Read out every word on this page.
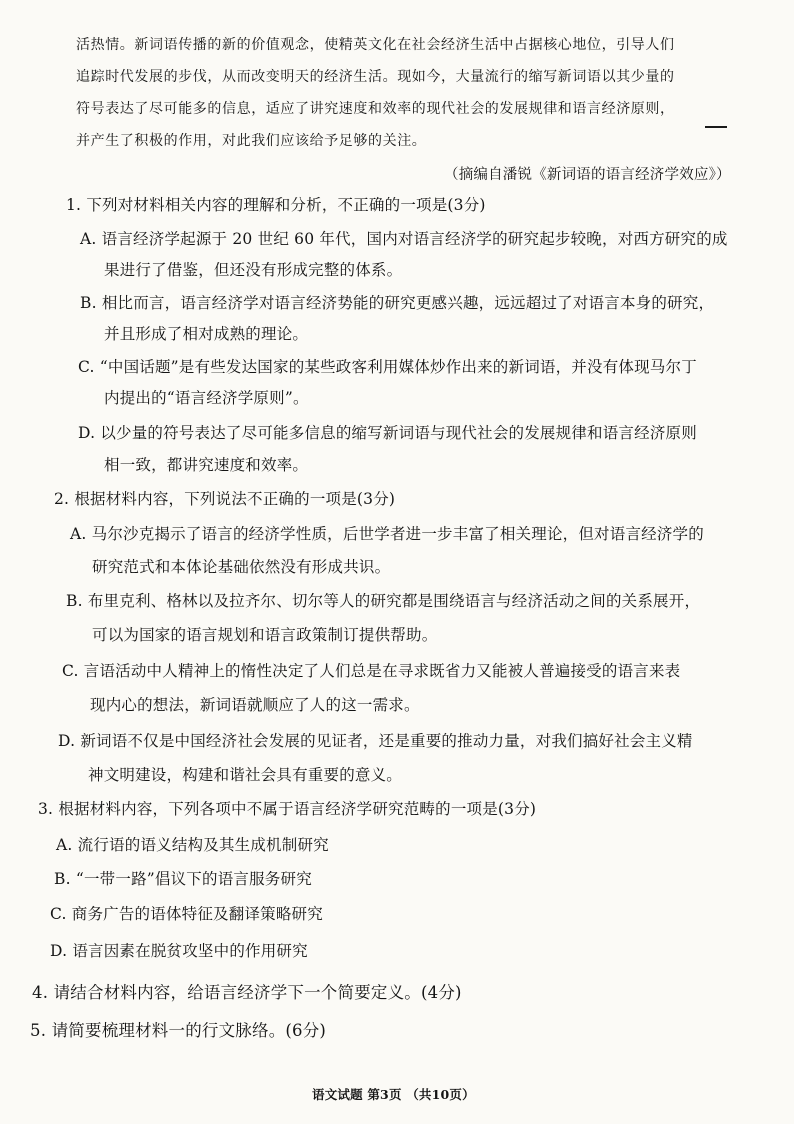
活热情。新词语传播的新的价值观念，使精英文化在社会经济生活中占据核心地位，引导人们
追踪时代发展的步伐，从而改变明天的经济生活。现如今，大量流行的缩写新词语以其少量的
符号表达了尽可能多的信息，适应了讲究速度和效率的现代社会的发展规律和语言经济原则，
并产生了积极的作用，对此我们应该给予足够的关注。
（摘编自潘锐《新词语的语言经济学效应》）
1. 下列对材料相关内容的理解和分析，不正确的一项是(3分)
A. 语言经济学起源于 20 世纪 60 年代，国内对语言经济学的研究起步较晚，对西方研究的成
果进行了借鉴，但还没有形成完整的体系。
B. 相比而言，语言经济学对语言经济势能的研究更感兴趣，远远超过了对语言本身的研究，
并且形成了相对成熟的理论。
C. “中国话题”是有些发达国家的某些政客利用媒体炒作出来的新词语，并没有体现马尔丁
内提出的“语言经济学原则”。
D. 以少量的符号表达了尽可能多信息的缩写新词语与现代社会的发展规律和语言经济原则
相一致，都讲究速度和效率。
2. 根据材料内容，下列说法不正确的一项是(3分)
A. 马尔沙克揭示了语言的经济学性质，后世学者进一步丰富了相关理论，但对语言经济学的
研究范式和本体论基础依然没有形成共识。
B. 布里克利、格林以及拉齐尔、切尔等人的研究都是围绕语言与经济活动之间的关系展开，
可以为国家的语言规划和语言政策制订提供帮助。
C. 言语活动中人精神上的惰性决定了人们总是在寻求既省力又能被人普遍接受的语言来表
现内心的想法，新词语就顺应了人的这一需求。
D. 新词语不仅是中国经济社会发展的见证者，还是重要的推动力量，对我们搞好社会主义精
神文明建设，构建和谐社会具有重要的意义。
3. 根据材料内容，下列各项中不属于语言经济学研究范畴的一项是(3分)
A. 流行语的语义结构及其生成机制研究
B. “一带一路”倡议下的语言服务研究
C. 商务广告的语体特征及翻译策略研究
D. 语言因素在脱贫攻坚中的作用研究
4. 请结合材料内容，给语言经济学下一个简要定义。(4分)
5. 请简要梳理材料一的行文脉络。(6分)
语文试题 第3页 （共10页）
